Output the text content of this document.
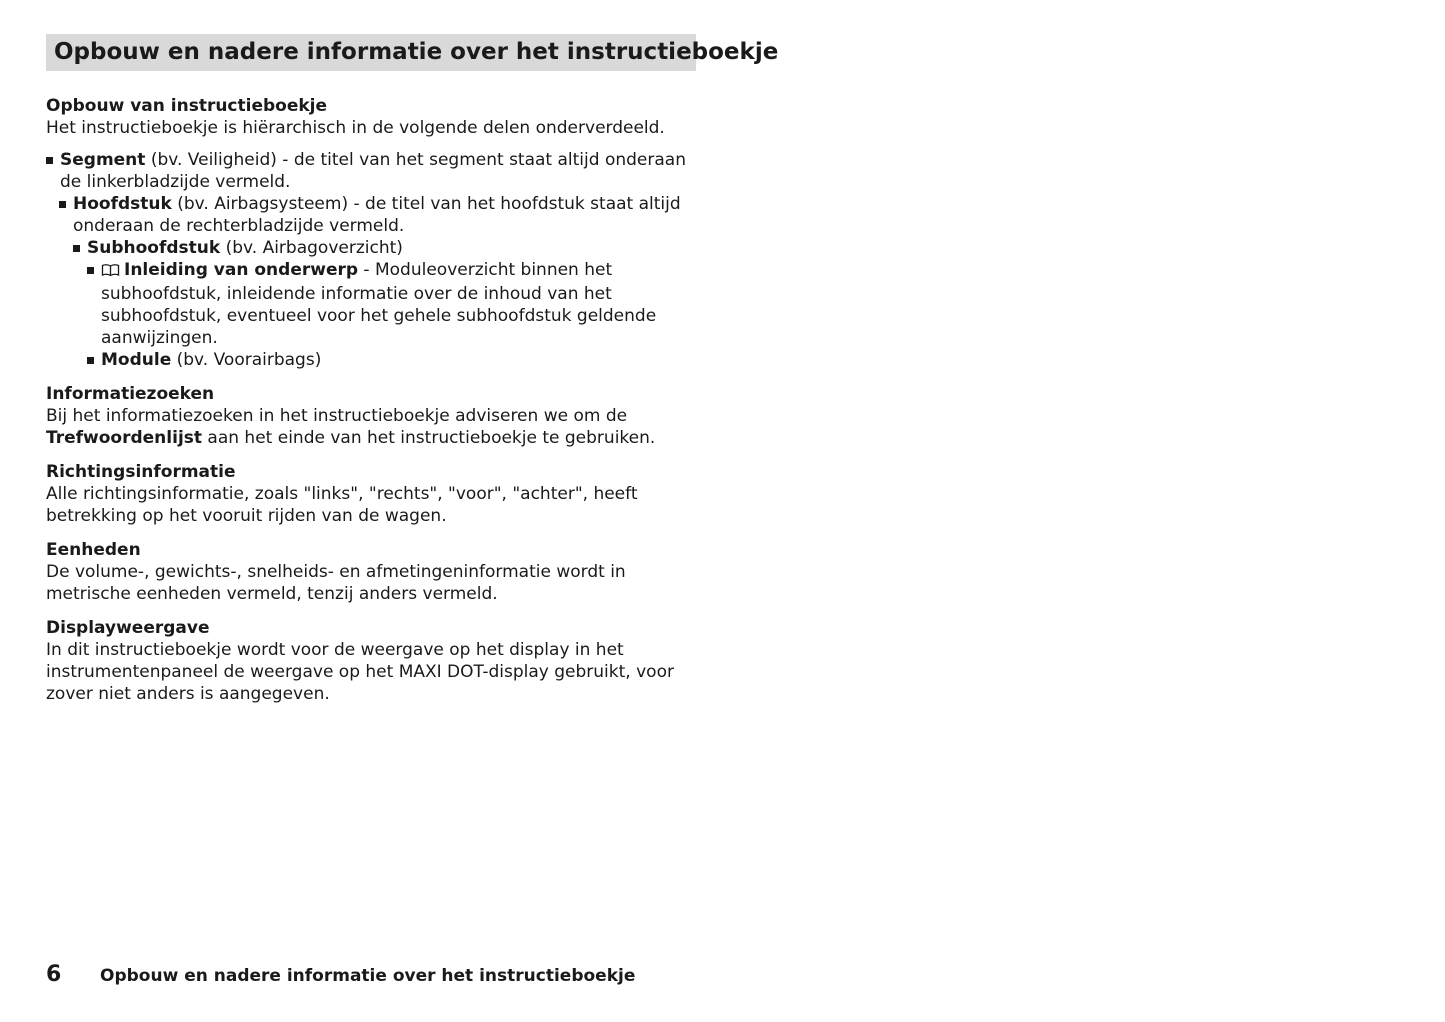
Opbouw en nadere informatie over het instructieboekje

Opbouw van instructieboekje

Het instructieboekje is hiërarchisch in de volgende delen onderverdeeld.

Segment (bv. Veiligheid) - de titel van het segment staat altijd onderaan de linkerbladzijde vermeld.
Hoofdstuk (bv. Airbagsysteem) - de titel van het hoofdstuk staat altijd onderaan de rechterbladzijde vermeld.
Subhoofdstuk (bv. Airbagoverzicht)
Inleiding van onderwerp - Moduleoverzicht binnen het subhoofdstuk, inleidende informatie over de inhoud van het subhoofdstuk, eventueel voor het gehele subhoofdstuk geldende aanwijzingen.
Module (bv. Voorairbags)

Informatiezoeken

Bij het informatiezoeken in het instructieboekje adviseren we om de Trefwoordenlijst aan het einde van het instructieboekje te gebruiken.

Richtingsinformatie

Alle richtingsinformatie, zoals "links", "rechts", "voor", "achter", heeft betrekking op het vooruit rijden van de wagen.

Eenheden

De volume-, gewichts-, snelheids- en afmetingeninformatie wordt in metrische eenheden vermeld, tenzij anders vermeld.

Displayweergave

In dit instructieboekje wordt voor de weergave op het display in het instrumentenpaneel de weergave op het MAXI DOT-display gebruikt, voor zover niet anders is aangegeven.

6 Opbouw en nadere informatie over het instructieboekje
